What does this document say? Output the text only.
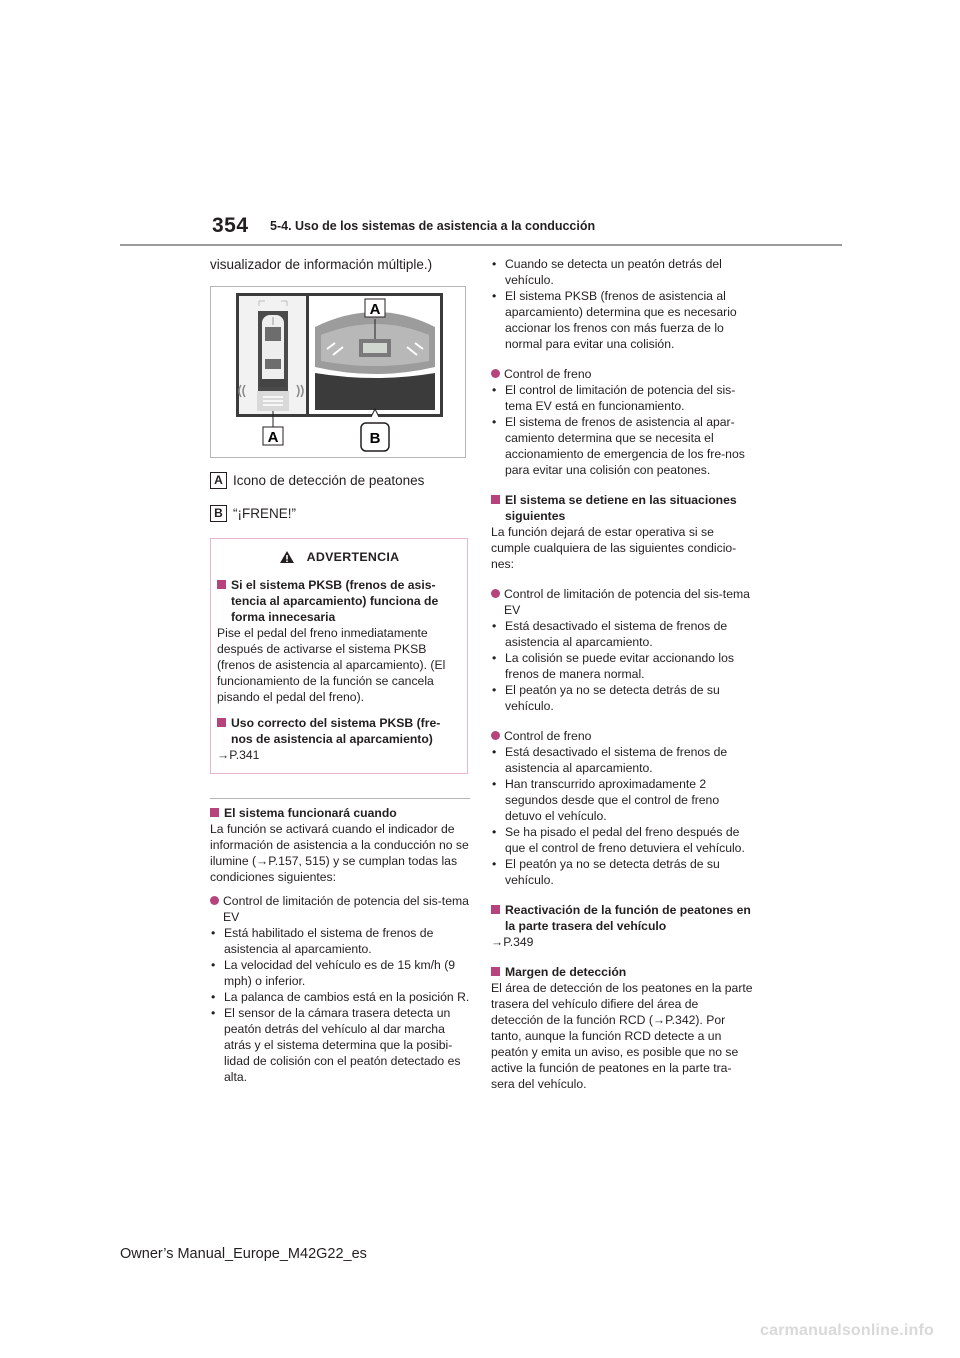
354 5-4. Uso de los sistemas de asistencia a la conducción

visualizador de información múltiple.)

A
A	B
A Icono de detección de peatones
B “¡FRENE!”
ADVERTENCIA
Si el sistema PKSB (frenos de asis-tencia al aparcamiento) funciona de forma innecesaria

Pise el pedal del freno inmediatamente después de activarse el sistema PKSB (frenos de asistencia al aparcamiento). (El funcionamiento de la función se cancela pisando el pedal del freno).

Uso correcto del sistema PKSB (fre-nos de asistencia al aparcamiento)

→P.341

El sistema funcionará cuando

La función se activará cuando el indicador de información de asistencia a la conducción no se ilumine (→P.157, 515) y se cumplan todas las condiciones siguientes:

Control de limitación de potencia del sis-tema EV
• Está habilitado el sistema de frenos de asistencia al aparcamiento.
• La velocidad del vehículo es de 15 km/h (9 mph) o inferior.
• La palanca de cambios está en la posición R.
• El sensor de la cámara trasera detecta un peatón detrás del vehículo al dar marcha atrás y el sistema determina que la posibi-lidad de colisión con el peatón detectado es alta.
• Cuando se detecta un peatón detrás del vehículo.
• El sistema PKSB (frenos de asistencia al aparcamiento) determina que es necesario accionar los frenos con más fuerza de lo normal para evitar una colisión.
Control de freno
• El control de limitación de potencia del sis-tema EV está en funcionamiento.
• El sistema de frenos de asistencia al apar-camiento determina que se necesita el accionamiento de emergencia de los fre-nos para evitar una colisión con peatones.
El sistema se detiene en las situaciones siguientes

La función dejará de estar operativa si se cumple cualquiera de las siguientes condicio-nes:

Control de limitación de potencia del sis-tema EV
• Está desactivado el sistema de frenos de asistencia al aparcamiento.
• La colisión se puede evitar accionando los frenos de manera normal.
• El peatón ya no se detecta detrás de su vehículo.
Control de freno
• Está desactivado el sistema de frenos de asistencia al aparcamiento.
• Han transcurrido aproximadamente 2 segundos desde que el control de freno detuvo el vehículo.
• Se ha pisado el pedal del freno después de que el control de freno detuviera el vehículo.
• El peatón ya no se detecta detrás de su vehículo.
Reactivación de la función de peatones en la parte trasera del vehículo

→P.349

Margen de detección

El área de detección de los peatones en la parte trasera del vehículo difiere del área de detección de la función RCD (→P.342). Por tanto, aunque la función RCD detecte a un peatón y emita un aviso, es posible que no se active la función de peatones en la parte tra-sera del vehículo.

Owner’s Manual_Europe_M42G22_es
carmanualsonline.info
